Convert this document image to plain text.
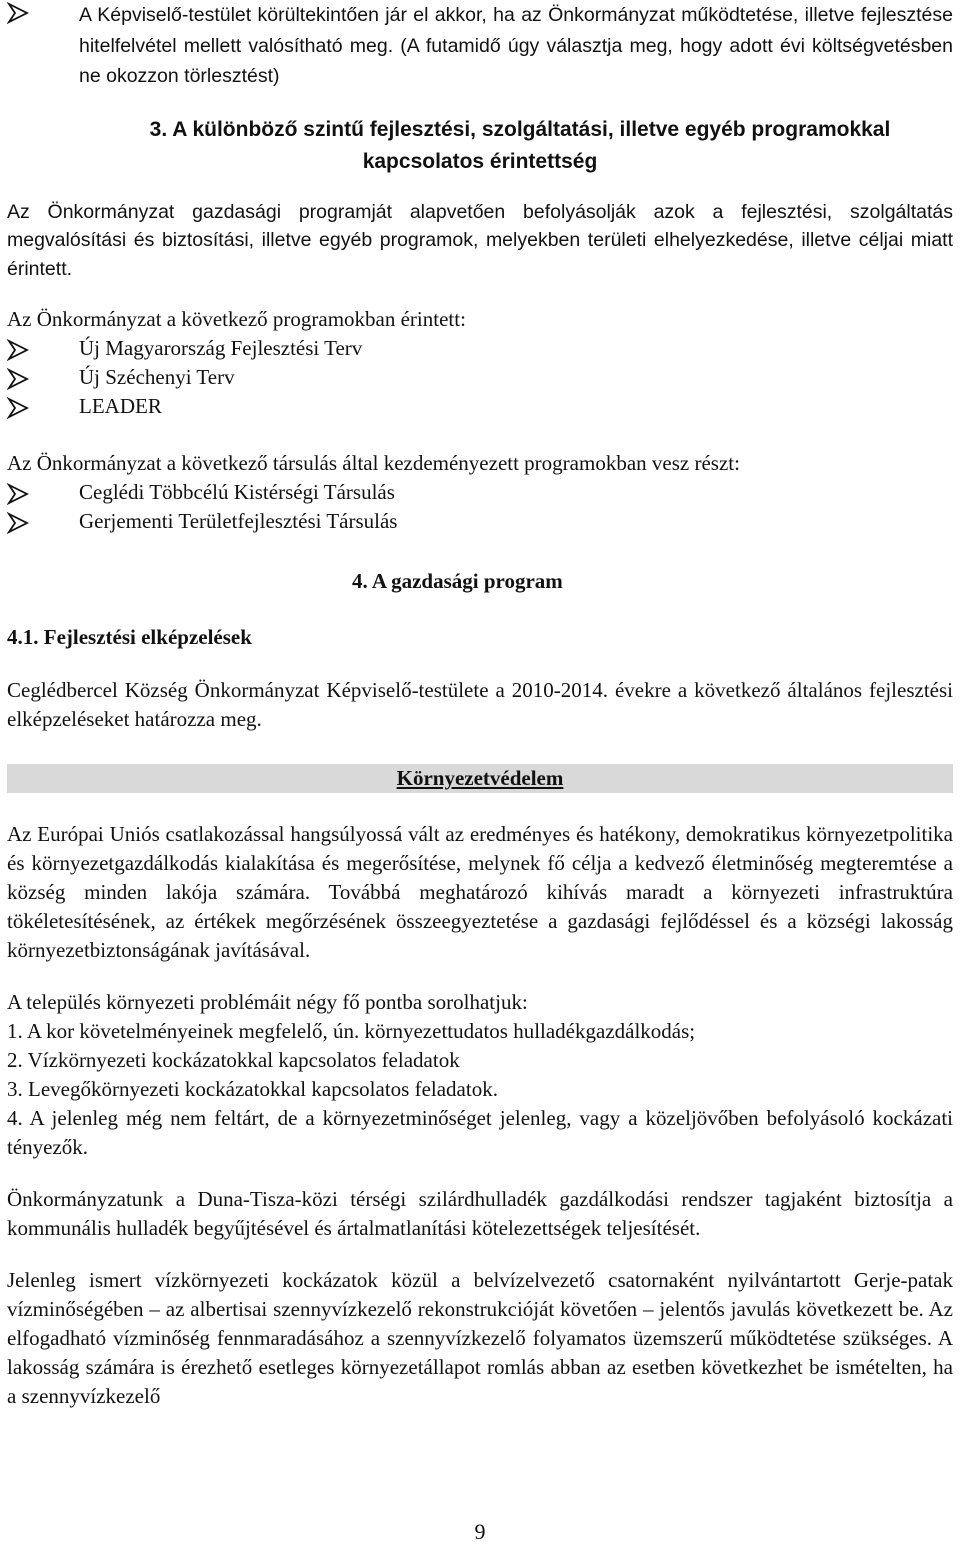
A Képviselő-testület körültekintően jár el akkor, ha az Önkormányzat működtetése, illetve fejlesztése hitelfelvétel mellett valósítható meg. (A futamidő úgy választja meg, hogy adott évi költségvetésben ne okozzon törlesztést)
3. A különböző szintű fejlesztési, szolgáltatási, illetve egyéb programokkal
kapcsolatos érintettség
Az Önkormányzat gazdasági programját alapvetően befolyásolják azok a fejlesztési, szolgáltatás megvalósítási és biztosítási, illetve egyéb programok, melyekben területi elhelyezkedése, illetve céljai miatt érintett.
Az Önkormányzat a következő programokban érintett:
Új Magyarország Fejlesztési Terv
Új Széchenyi Terv
LEADER
Az Önkormányzat a következő társulás által kezdeményezett programokban vesz részt:
Ceglédi Többcélú Kistérségi Társulás
Gerjementi Területfejlesztési Társulás
4. A gazdasági program
4.1. Fejlesztési elképzelések
Ceglédbercel Község Önkormányzat Képviselő-testülete a 2010-2014. évekre a következő általános fejlesztési elképzeléseket határozza meg.
Környezetvédelem
Az Európai Uniós csatlakozással hangsúlyossá vált az eredményes és hatékony, demokratikus környezetpolitika és környezetgazdálkodás kialakítása és megerősítése, melynek fő célja a kedvező életminőség megteremtése a község minden lakója számára. Továbbá meghatározó kihívás maradt a környezeti infrastruktúra tökéletesítésének, az értékek megőrzésének összeegyeztetése a gazdasági fejlődéssel és a községi lakosság környezetbiztonságának javításával.
A település környezeti problémáit négy fő pontba sorolhatjuk:
1. A kor követelményeinek megfelelő, ún. környezettudatos hulladékgazdálkodás;
2. Vízkörnyezeti kockázatokkal kapcsolatos feladatok
3. Levegőkörnyezeti kockázatokkal kapcsolatos feladatok.
4. A jelenleg még nem feltárt, de a környezetminőséget jelenleg, vagy a közeljövőben befolyásoló kockázati tényezők.
Önkormányzatunk a Duna-Tisza-közi térségi szilárdhulladék gazdálkodási rendszer tagjaként biztosítja a kommunális hulladék begyűjtésével és ártalmatlanítási kötelezettségek teljesítését.
Jelenleg ismert vízkörnyezeti kockázatok közül a belvízelvezető csatornaként nyilvántartott Gerje-patak vízminőségében – az albertisai szennyvízkezelő rekonstrukcióját követően – jelentős javulás következett be. Az elfogadható vízminőség fennmaradásához a szennyvízkezelő folyamatos üzemszerű működtetése szükséges. A lakosság számára is érezhető esetleges környezetállapot romlás abban az esetben következhet be ismételten, ha a szennyvízkezelő
9
